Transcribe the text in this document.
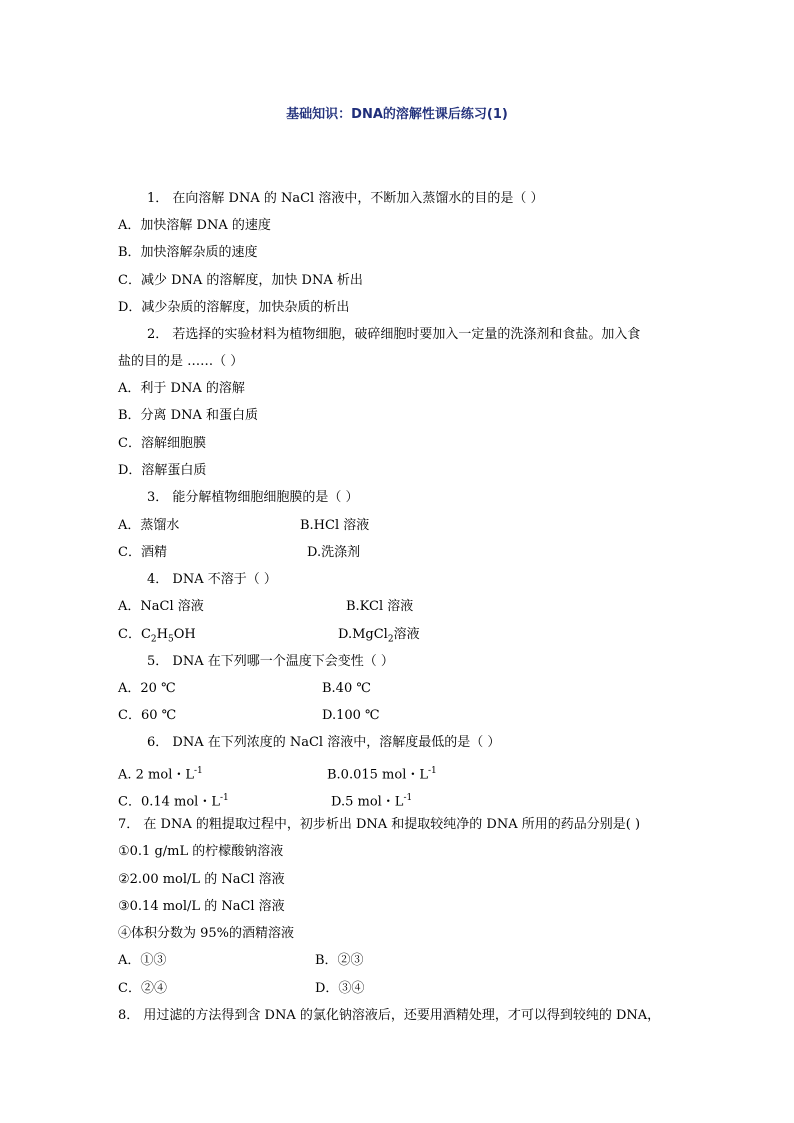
基础知识：DNA的溶解性课后练习(1)
1． 在向溶解 DNA 的 NaCl 溶液中，不断加入蒸馏水的目的是（ ）
A．加快溶解 DNA 的速度
B．加快溶解杂质的速度
C．减少 DNA 的溶解度，加快 DNA 析出
D．减少杂质的溶解度，加快杂质的析出
2． 若选择的实验材料为植物细胞，破碎细胞时要加入一定量的洗涤剂和食盐。加入食
盐的目的是 ……（ ）
A．利于 DNA 的溶解
B．分离 DNA 和蛋白质
C．溶解细胞膜
D．溶解蛋白质
3． 能分解植物细胞细胞膜的是（ ）
A．蒸馏水	B.HCl 溶液
C．酒精	D.洗涤剂
4． DNA 不溶于（ ）
A．NaCl 溶液	B.KCl 溶液
C．$C_2H_5OH$	D.MgCl$_2$溶液
5． DNA 在下列哪一个温度下会变性（ ）
A．20 ℃	B.40 ℃
C．60 ℃	D.100 ℃
6． DNA 在下列浓度的 NaCl 溶液中，溶解度最低的是（ ）
A. 2 mol・$L^{-1}$	B.0.015 mol・$L^{-1}$
C．0.14 mol・$L^{-1}$	D.5 mol・$L^{-1}$
7． 在 DNA 的粗提取过程中，初步析出 DNA 和提取较纯净的 DNA 所用的药品分别是( )
①0.1 g/mL 的柠檬酸钠溶液
②2.00 mol/L 的 NaCl 溶液
③0.14 mol/L 的 NaCl 溶液
④体积分数为 95%的酒精溶液
A．①③	B．②③
C．②④	D．③④
8． 用过滤的方法得到含 DNA 的氯化钠溶液后，还要用酒精处理，才可以得到较纯的 DNA，
